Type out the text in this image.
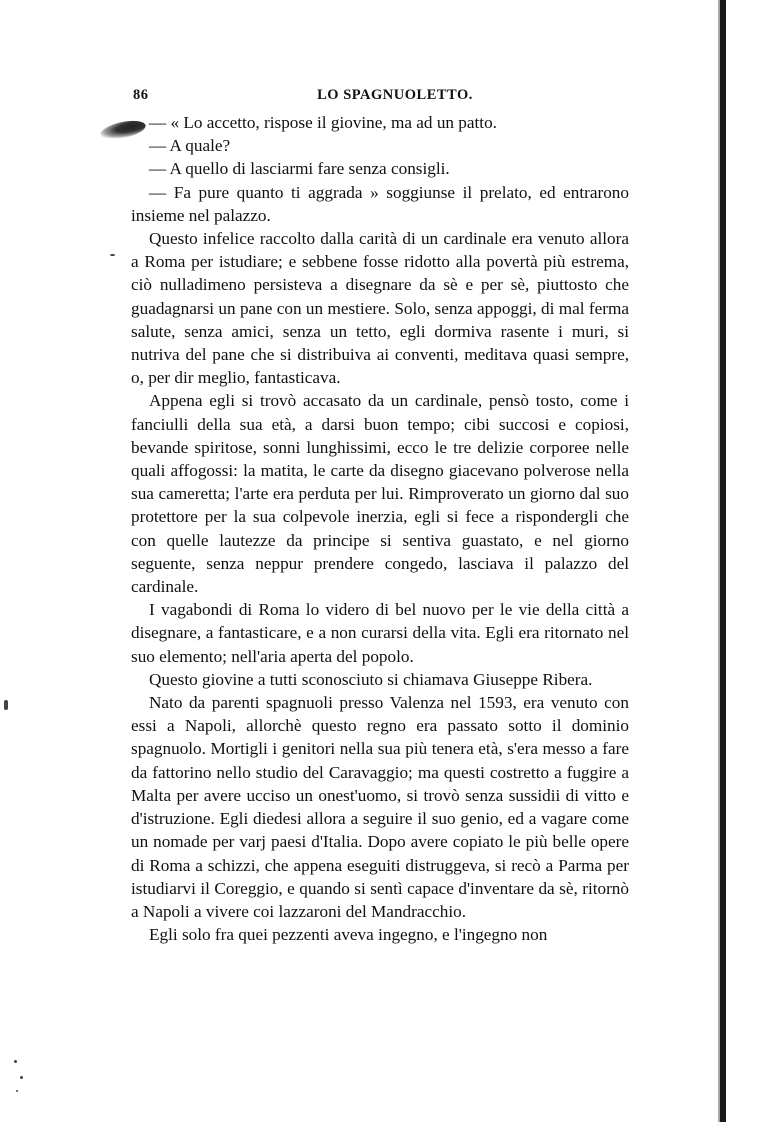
86	LO SPAGNUOLETTO.

— « Lo accetto, rispose il giovine, ma ad un patto.

— A quale?

— A quello di lasciarmi fare senza consigli.

— Fa pure quanto ti aggrada » soggiunse il prelato, ed entrarono insieme nel palazzo.

Questo infelice raccolto dalla carità di un cardinale era venuto allora a Roma per istudiare; e sebbene fosse ridotto alla povertà più estrema, ciò nulladimeno persisteva a disegnare da sè e per sè, piuttosto che guadagnarsi un pane con un mestiere. Solo, senza appoggi, di mal ferma salute, senza amici, senza un tetto, egli dormiva rasente i muri, si nutriva del pane che si distribuiva ai conventi, meditava quasi sempre, o, per dir meglio, fantasticava.

Appena egli si trovò accasato da un cardinale, pensò tosto, come i fanciulli della sua età, a darsi buon tempo; cibi succosi e copiosi, bevande spiritose, sonni lunghissimi, ecco le tre delizie corporee nelle quali affogossi: la matita, le carte da disegno giacevano polverose nella sua cameretta; l'arte era perduta per lui. Rimproverato un giorno dal suo protettore per la sua colpevole inerzia, egli si fece a rispondergli che con quelle lautezze da principe si sentiva guastato, e nel giorno seguente, senza neppur prendere congedo, lasciava il palazzo del cardinale.

I vagabondi di Roma lo videro di bel nuovo per le vie della città a disegnare, a fantasticare, e a non curarsi della vita. Egli era ritornato nel suo elemento; nell'aria aperta del popolo.

Questo giovine a tutti sconosciuto si chiamava Giuseppe Ribera.

Nato da parenti spagnuoli presso Valenza nel 1593, era venuto con essi a Napoli, allorchè questo regno era passato sotto il dominio spagnuolo. Mortigli i genitori nella sua più tenera età, s'era messo a fare da fattorino nello studio del Caravaggio; ma questi costretto a fuggire a Malta per avere ucciso un onest'uomo, si trovò senza sussidii di vitto e d'istruzione. Egli diedesi allora a seguire il suo genio, ed a vagare come un nomade per varj paesi d'Italia. Dopo avere copiato le più belle opere di Roma a schizzi, che appena eseguiti distruggeva, si recò a Parma per istudiarvi il Coreggio, e quando si sentì capace d'inventare da sè, ritornò a Napoli a vivere coi lazzaroni del Mandracchio.

Egli solo fra quei pezzenti aveva ingegno, e l'ingegno non
